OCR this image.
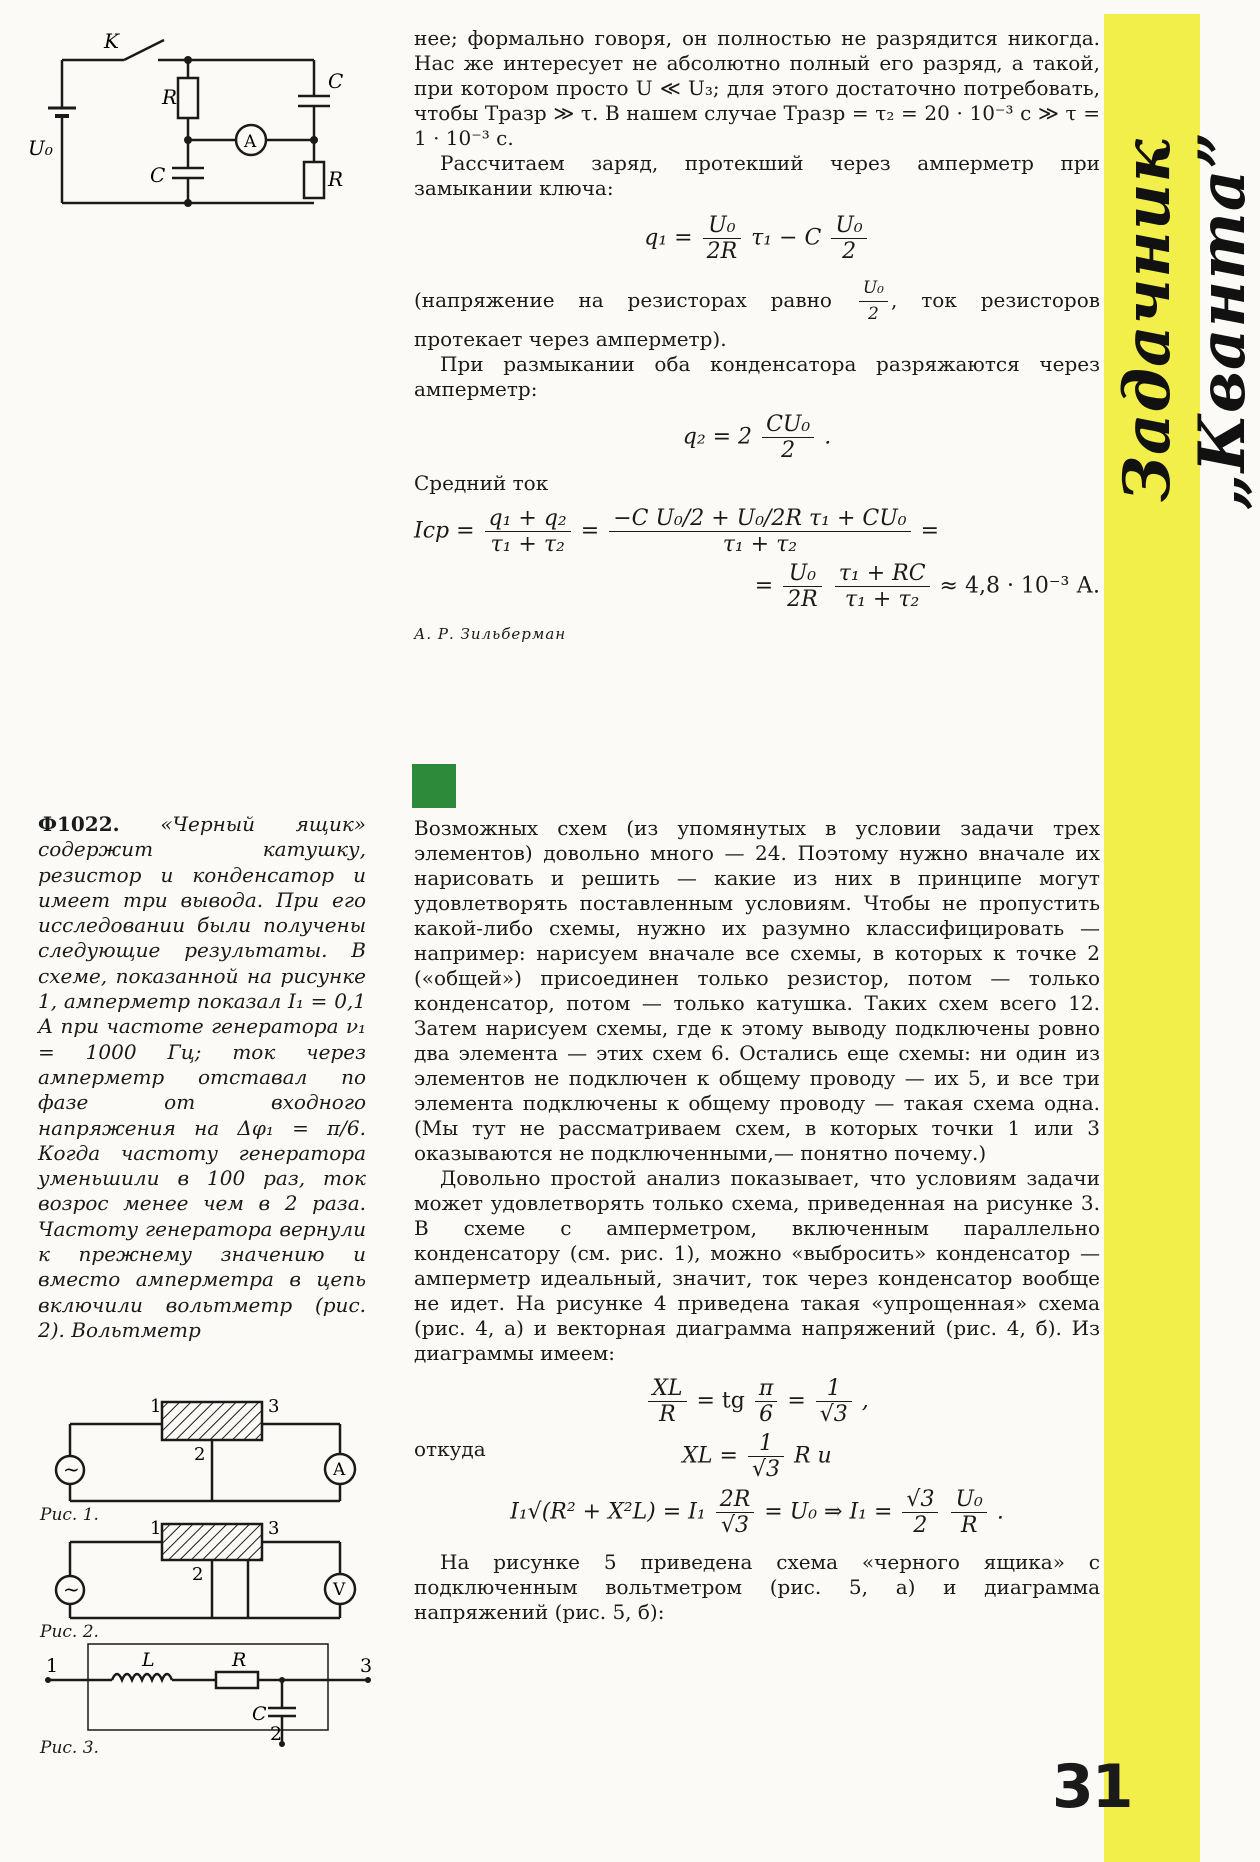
Задачник „Кванта”
31
K
R
C
C
R
U₀	A

нее; формально говоря, он полностью не разрядится никогда. Нас же интересует не абсолютно полный его разряд, а такой, при котором просто U ≪ U₃; для этого достаточно потребовать, чтобы Tразр ≫ τ. В нашем случае Tразр = τ₂ = 20 · 10⁻³ с ≫ τ = 1 · 10⁻³ с.

Рассчитаем заряд, протекший через амперметр при замыкании ключа:

$q_1 = \frac{\text{U₀}}{2R} \tau_1 - C \frac{\text{U₀}}{2}$

(напряжение на резисторах равно $\frac{\text{U₀}}{2}$ , ток резисторов протекает через амперметр).

При размыкании оба конденсатора разряжаются через амперметр:

$q_2 = 2 \frac{\text{CU₀}}{2}$ .

Средний ток

Iср = $\frac{\text{q₁ + q₂}}{\text{τ₁ + τ₂}} = \frac{\text{−C U₀/2 + U₀/2R τ₁ + CU₀}}{\text{τ₁ + τ₂}}$ =
= $\frac{\text{U₀}}{2R}$
$\frac{\text{τ₁ + RC}}{\text{τ₁ + τ₂}} \approx 4,8 \cdot 10^{-3}$ А.

А. Р. Зильберман

Ф1022. «Черный ящик» содержит катушку, резистор и конденсатор и имеет три вывода. При его исследовании были получены следующие результаты. В схеме, показанной на рисунке 1, амперметр показал I₁ = 0,1 А при частоте генератора ν₁ = 1000 Гц; ток через амперметр отставал по фазе от входного напряжения на Δφ₁ = π/6. Когда частоту генератора уменьшили в 100 раз, ток возрос менее чем в 2 раза. Частоту генератора вернули к прежнему значению и вместо амперметра в цепь включили вольтметр (рис. 2). Вольтметр
1	3
2
~	A
Рис. 1.
1	3
2
~	V
Рис. 2.
1	3
2
L	R
C
Рис. 3.

Возможных схем (из упомянутых в условии задачи трех элементов) довольно много — 24. Поэтому нужно вначале их нарисовать и решить — какие из них в принципе могут удовлетворять поставленным условиям. Чтобы не пропустить какой-либо схемы, нужно их разумно классифицировать — например: нарисуем вначале все схемы, в которых к точке 2 («общей») присоединен только резистор, потом — только конденсатор, потом — только катушка. Таких схем всего 12. Затем нарисуем схемы, где к этому выводу подключены ровно два элемента — этих схем 6. Остались еще схемы: ни один из элементов не подключен к общему проводу — их 5, и все три элемента подключены к общему проводу — такая схема одна. (Мы тут не рассматриваем схем, в которых точки 1 или 3 оказываются не подключенными,— понятно почему.)

Довольно простой анализ показывает, что условиям задачи может удовлетворять только схема, приведенная на рисунке 3. В схеме с амперметром, включенным параллельно конденсатору (см. рис. 1), можно «выбросить» конденсатор — амперметр идеальный, значит, ток через конденсатор вообще не идет. На рисунке 4 приведена такая «упрощенная» схема (рис. 4, а) и векторная диаграмма напряжений (рис. 4, б). Из диаграммы имеем:

$\frac{XL}{R}$ = tg $\frac{\pi}{6} = \frac{1}{√3}$ ,
откуда	XL = $\frac{1}{√3}$ R и
$I_1√(R^2 + X^2L) = I_1 \frac{2R}{√3} = U_0$ ⇒ $I_1 = \frac{√3}{2}$
$\frac{\text{U₀}}{R}$ .

На рисунке 5 приведена схема «черного ящика» с подключенным вольтметром (рис. 5, а) и диаграмма напряжений (рис. 5, б):
